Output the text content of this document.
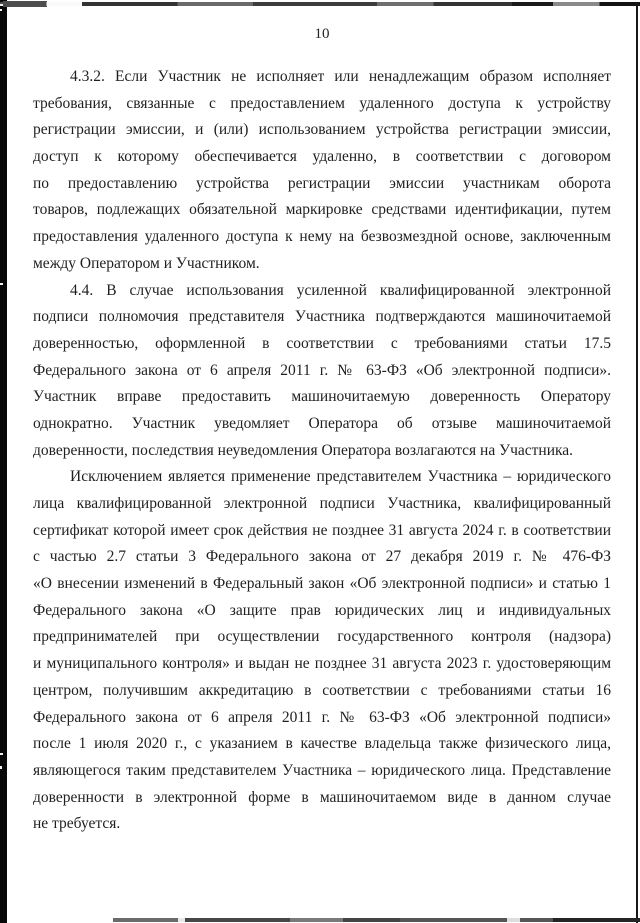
10
4.3.2. Если Участник не исполняет или ненадлежащим образом исполняет
требования, связанные с предоставлением удаленного доступа к устройству
регистрации эмиссии, и (или) использованием устройства регистрации эмиссии,
доступ к которому обеспечивается удаленно, в соответствии с договором
по предоставлению устройства регистрации эмиссии участникам оборота
товаров, подлежащих обязательной маркировке средствами идентификации, путем
предоставления удаленного доступа к нему на безвозмездной основе, заключенным
между Оператором и Участником.
4.4. В случае использования усиленной квалифицированной электронной
подписи полномочия представителя Участника подтверждаются машиночитаемой
доверенностью, оформленной в соответствии с требованиями статьи 17.5
Федерального закона от 6 апреля 2011 г. № 63-ФЗ «Об электронной подписи».
Участник вправе предоставить машиночитаемую доверенность Оператору
однократно. Участник уведомляет Оператора об отзыве машиночитаемой
доверенности, последствия неуведомления Оператора возлагаются на Участника.
Исключением является применение представителем Участника – юридического
лица квалифицированной электронной подписи Участника, квалифицированный
сертификат которой имеет срок действия не позднее 31 августа 2024 г. в соответствии
с частью 2.7 статьи 3 Федерального закона от 27 декабря 2019 г. № 476-ФЗ
«О внесении изменений в Федеральный закон «Об электронной подписи» и статью 1
Федерального закона «О защите прав юридических лиц и индивидуальных
предпринимателей при осуществлении государственного контроля (надзора)
и муниципального контроля» и выдан не позднее 31 августа 2023 г. удостоверяющим
центром, получившим аккредитацию в соответствии с требованиями статьи 16
Федерального закона от 6 апреля 2011 г. № 63-ФЗ «Об электронной подписи»
после 1 июля 2020 г., с указанием в качестве владельца также физического лица,
являющегося таким представителем Участника – юридического лица. Представление
доверенности в электронной форме в машиночитаемом виде в данном случае
не требуется.
